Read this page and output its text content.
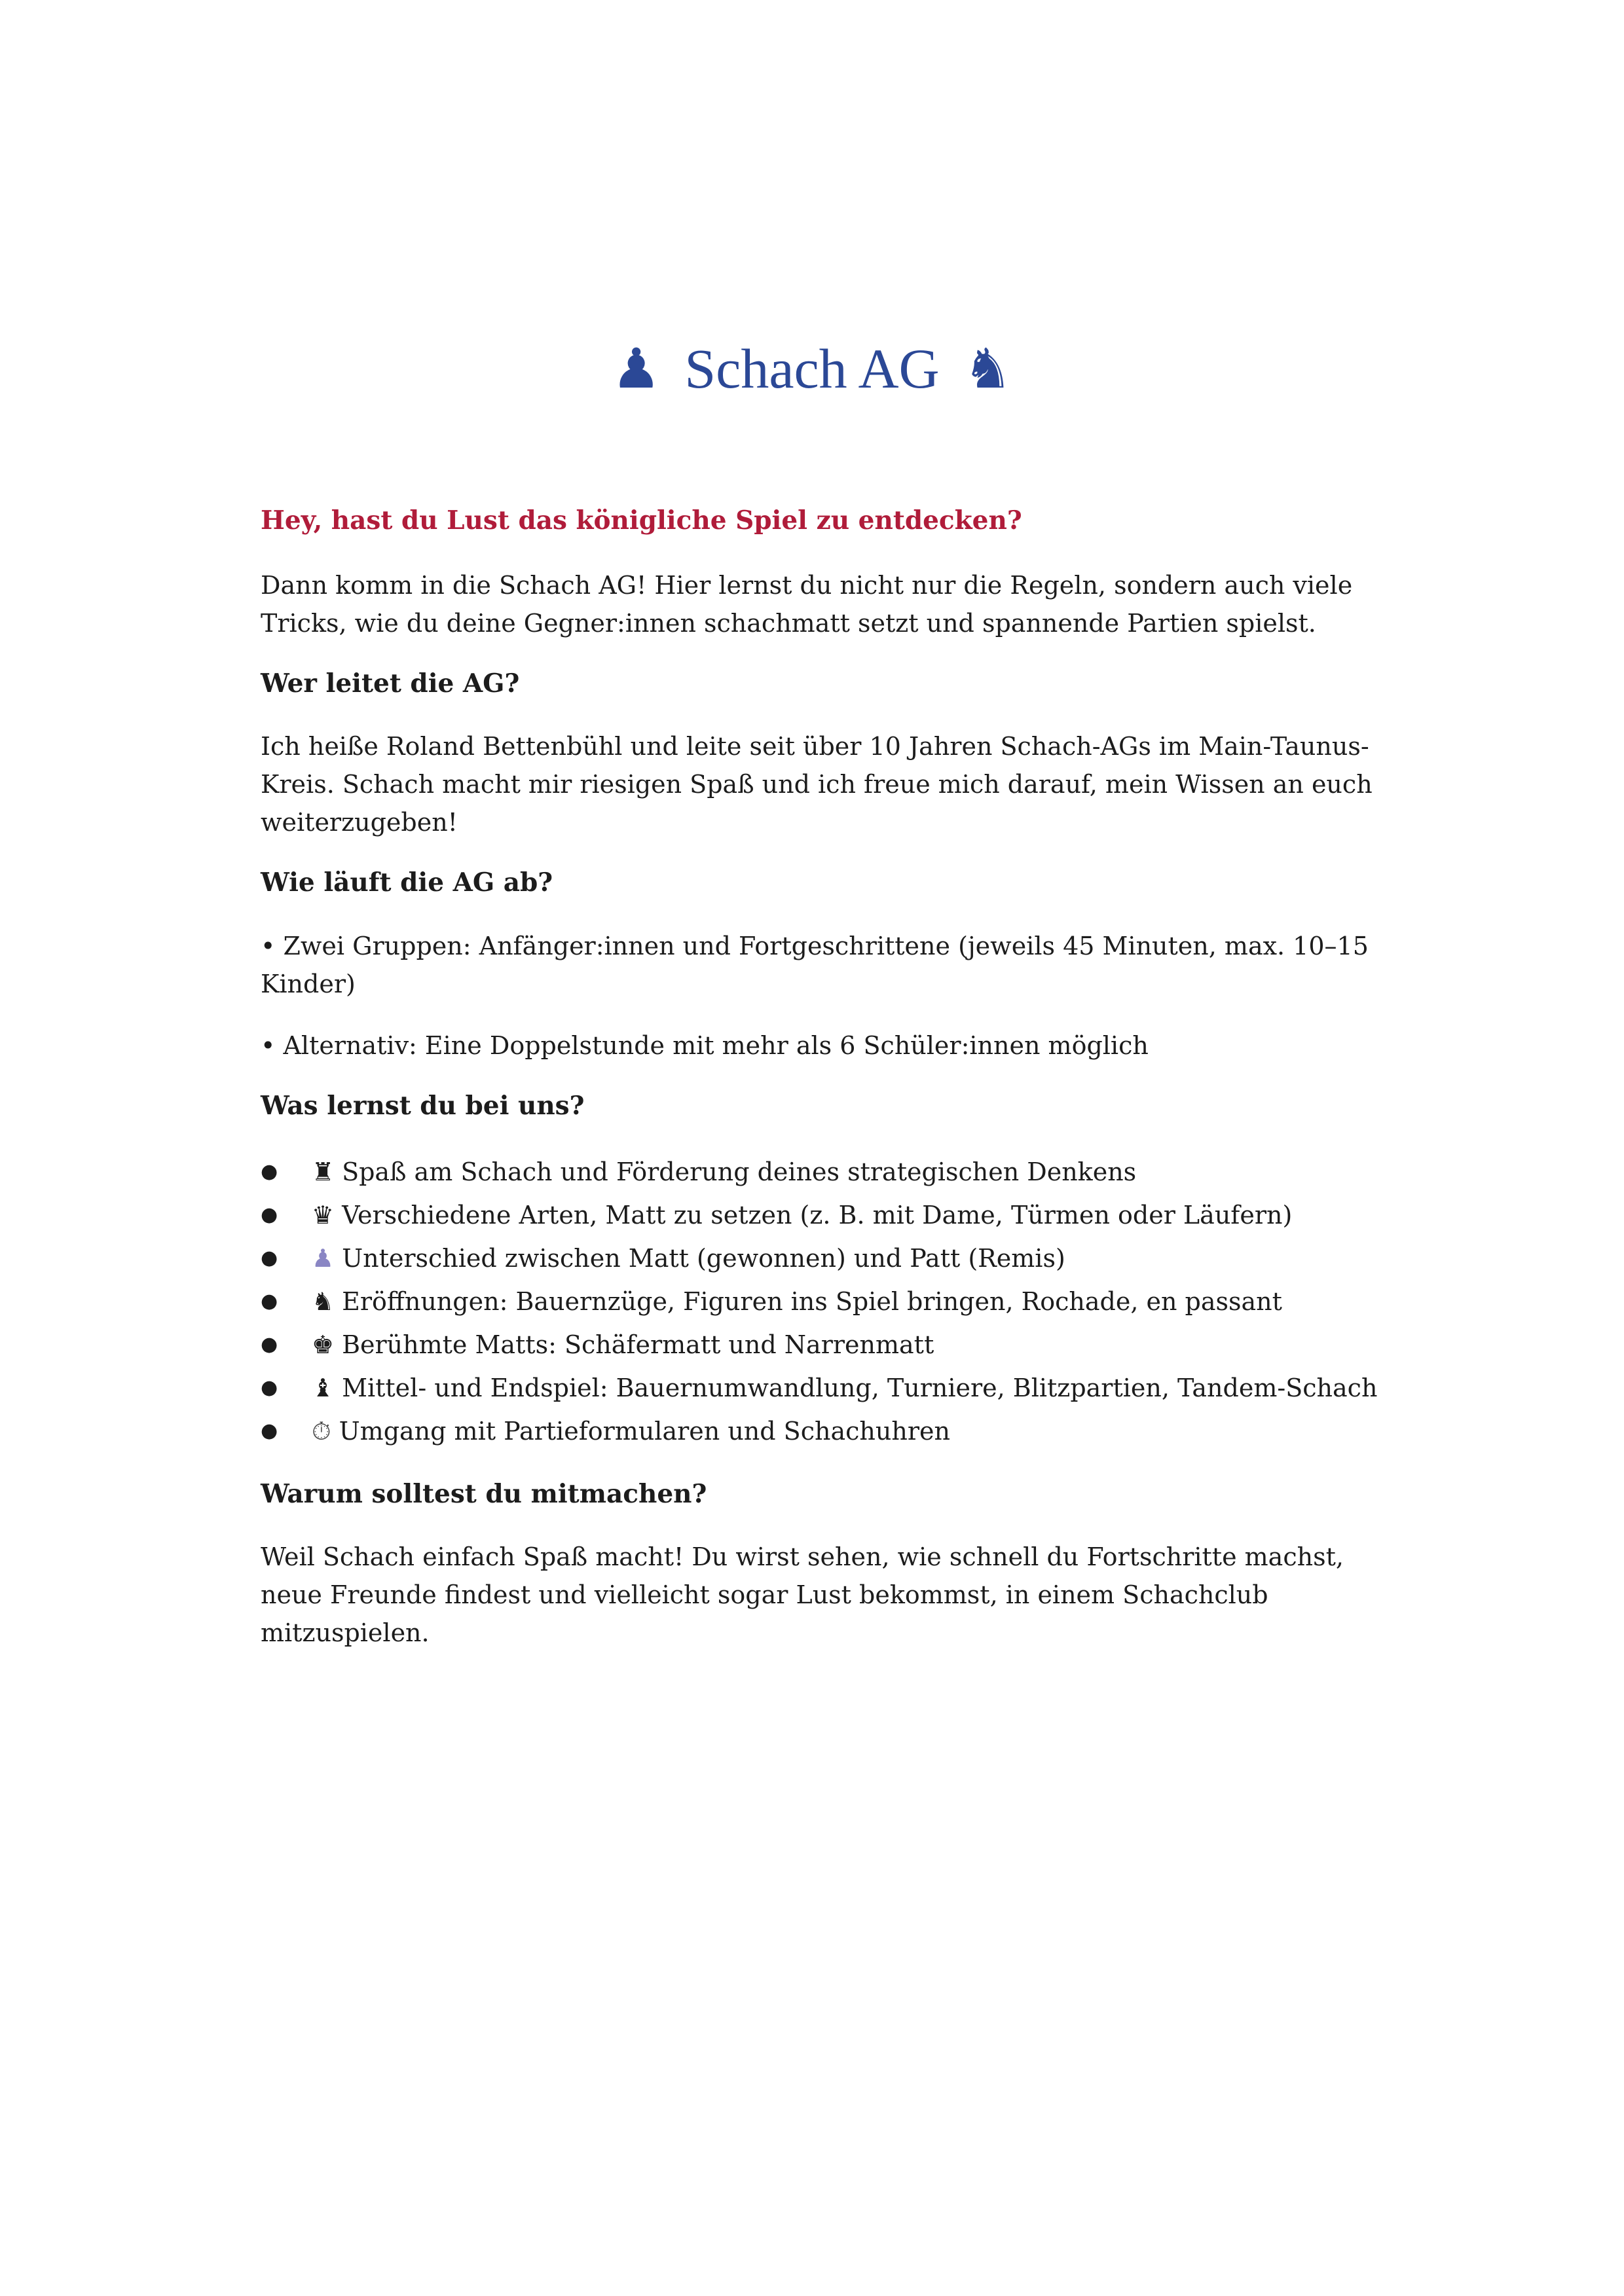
♟ Schach AG ♞
Hey, hast du Lust das königliche Spiel zu entdecken?

Dann komm in die Schach AG! Hier lernst du nicht nur die Regeln, sondern auch viele Tricks, wie du deine Gegner:innen schachmatt setzt und spannende Partien spielst.

Wer leitet die AG?

Ich heiße Roland Bettenbühl und leite seit über 10 Jahren Schach-AGs im Main-Taunus-Kreis. Schach macht mir riesigen Spaß und ich freue mich darauf, mein Wissen an euch weiterzugeben!

Wie läuft die AG ab?

• Zwei Gruppen: Anfänger:innen und Fortgeschrittene (jeweils 45 Minuten, max. 10–15 Kinder)

• Alternativ: Eine Doppelstunde mit mehr als 6 Schüler:innen möglich

Was lernst du bei uns?
● ♜ Spaß am Schach und Förderung deines strategischen Denkens
● ♛ Verschiedene Arten, Matt zu setzen (z. B. mit Dame, Türmen oder Läufern)
● ♟ Unterschied zwischen Matt (gewonnen) und Patt (Remis)
● ♞ Eröffnungen: Bauernzüge, Figuren ins Spiel bringen, Rochade, en passant
● ♚ Berühmte Matts: Schäfermatt und Narrenmatt
● ♝ Mittel- und Endspiel: Bauernumwandlung, Turniere, Blitzpartien, Tandem-Schach
● ⏱ Umgang mit Partieformularen und Schachuhren
Warum solltest du mitmachen?

Weil Schach einfach Spaß macht! Du wirst sehen, wie schnell du Fortschritte machst, neue Freunde findest und vielleicht sogar Lust bekommst, in einem Schachclub mitzuspielen.
